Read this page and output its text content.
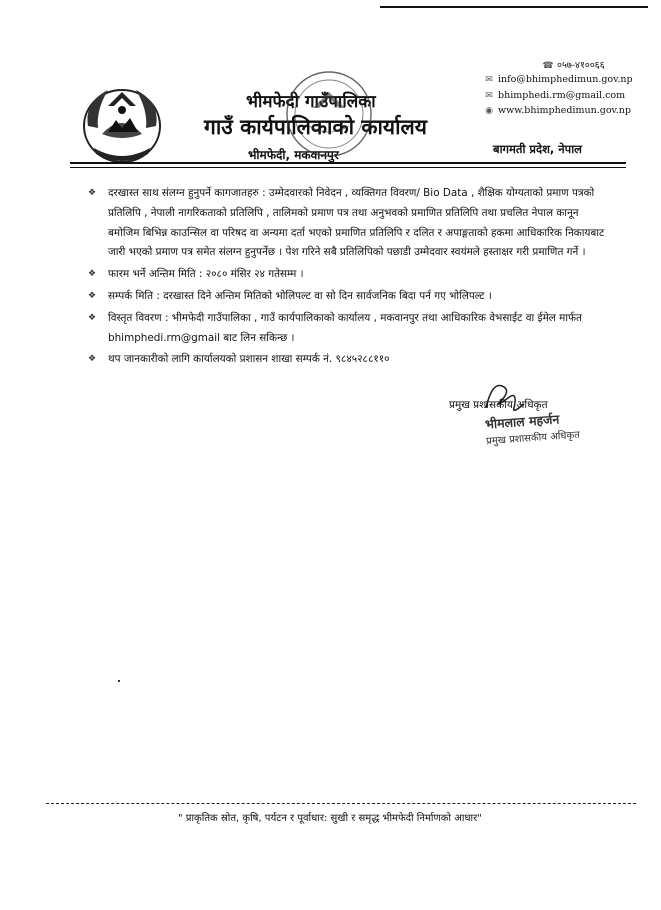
भीमफेदी गाउँपालिका
गाउँ कार्यपालिकाको कार्यालय
भीमफेदी, मकवानपुर
☎ ०५७-४१००६६
✉ info@bhimphedimun.gov.np
✉ bhimphedi.rm@gmail.com
◉ www.bhimphedimun.gov.np
बागमती प्रदेश, नेपाल
❖	दरखास्त साथ संलग्न हुनुपर्ने कागजातहरु : उम्मेदवारको निवेदन , व्यक्तिगत विवरण/ Bio Data , शैक्षिक योग्यताको प्रमाण पत्रको प्रतिलिपि , नेपाली नागरिकताको प्रतिलिपि , तालिमको प्रमाण पत्र तथा अनुभवको प्रमाणित प्रतिलिपि तथा प्रचलित नेपाल कानून बमोजिम बिभिन्न काउन्सिल वा परिषद वा अन्यमा दर्ता भएको प्रमाणित प्रतिलिपि र दलित र अपाङ्गताको हकमा आधिकारिक निकायबाट जारी भएको प्रमाण पत्र समेत संलग्न हुनुपर्नेछ । पेश गरिने सबै प्रतिलिपिको पछाडी उम्मेदवार स्वयंमले हस्ताक्षर गरी प्रमाणित गर्ने ।
❖	फारम भर्ने अन्तिम मिति : २०८० मंसिर २४ गतेसम्म ।
❖	सम्पर्क मिति : दरखास्त दिने अन्तिम मितिको भोलिपल्ट वा सो दिन सार्वजनिक बिदा पर्न गए भोलिपल्ट ।
❖	विस्तृत विवरण : भीमफेदी गाउँपालिका , गाउँ कार्यपालिकाको कार्यालय , मकवानपुर तथा आधिकारिक वेभसाईट वा ईमेल मार्फत bhimphedi.rm@gmail बाट लिन सकिन्छ ।
❖	थप जानकारीको लागि कार्यालयको प्रशासन शाखा सम्पर्क नं. ९८४५२८८११०
प्रमुख प्रशासकीय अधिकृत
भीमलाल महर्जन
प्रमुख प्रशासकीय अधिकृत
" प्राकृतिक स्रोत, कृषि, पर्यटन र पूर्वाधार: सुखी र समृद्ध भीमफेदी निर्माणको आधार"
